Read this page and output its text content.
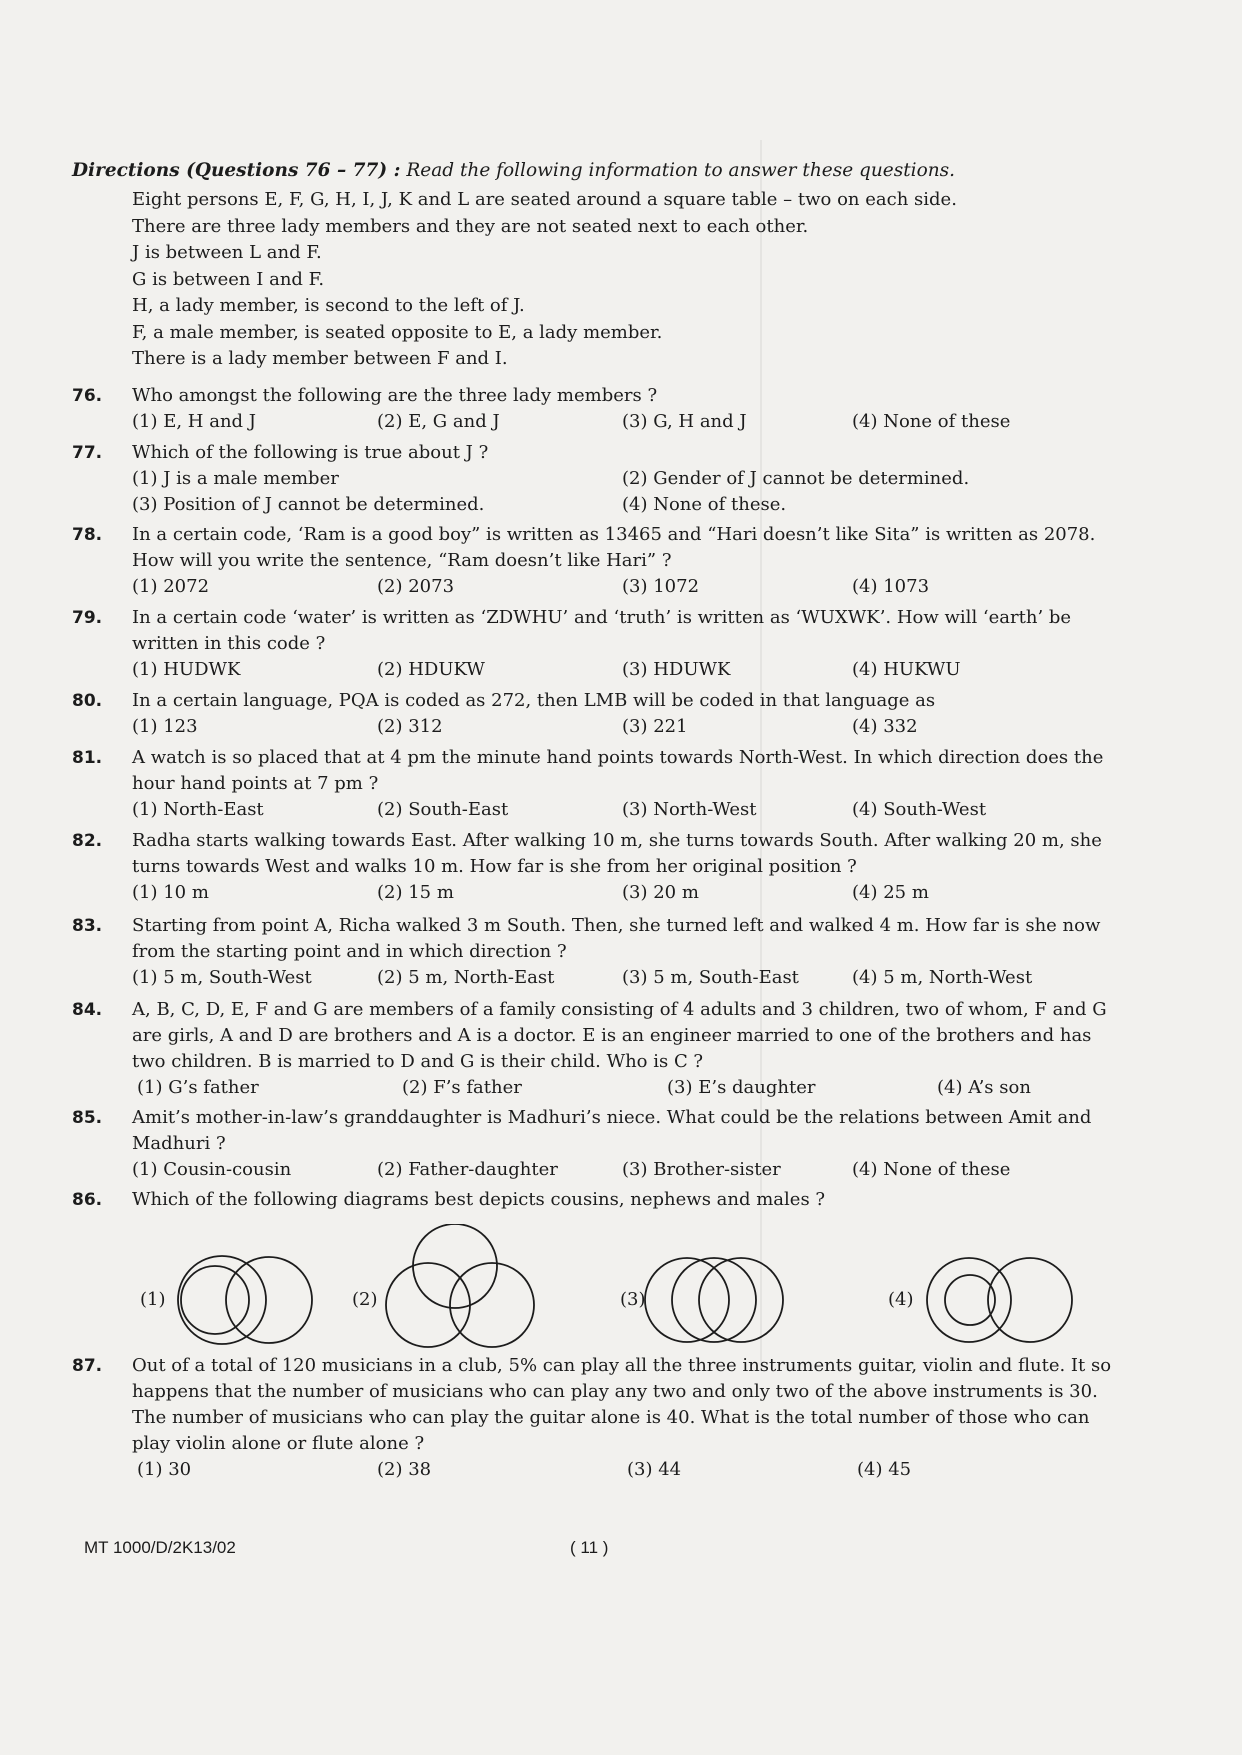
Directions (Questions 76 – 77) : Read the following information to answer these questions.
Eight persons E, F, G, H, I, J, K and L are seated around a square table – two on each side.
There are three lady members and they are not seated next to each other.
J is between L and F.
G is between I and F.
H, a lady member, is second to the left of J.
F, a male member, is seated opposite to E, a lady member.
There is a lady member between F and I.
76. Who amongst the following are the three lady members ?
(1) E, H and J	(2) E, G and J	(3) G, H and J	(4) None of these
77. Which of the following is true about J ?
(1) J is a male member	(2) Gender of J cannot be determined.
(3) Position of J cannot be determined.	(4) None of these.
78. In a certain code, ‘Ram is a good boy” is written as 13465 and “Hari doesn’t like Sita” is written as 2078. How will you write the sentence, “Ram doesn’t like Hari” ?
(1) 2072	(2) 2073	(3) 1072	(4) 1073
79. In a certain code ‘water’ is written as ‘ZDWHU’ and ‘truth’ is written as ‘WUXWK’. How will ‘earth’ be written in this code ?
(1) HUDWK	(2) HDUKW	(3) HDUWK	(4) HUKWU
80. In a certain language, PQA is coded as 272, then LMB will be coded in that language as
(1) 123	(2) 312	(3) 221	(4) 332
81. A watch is so placed that at 4 pm the minute hand points towards North-West. In which direction does the hour hand points at 7 pm ?
(1) North-East	(2) South-East	(3) North-West	(4) South-West
82. Radha starts walking towards East. After walking 10 m, she turns towards South. After walking 20 m, she turns towards West and walks 10 m. How far is she from her original position ?
(1) 10 m	(2) 15 m	(3) 20 m	(4) 25 m
83. Starting from point A, Richa walked 3 m South. Then, she turned left and walked 4 m. How far is she now from the starting point and in which direction ?
(1) 5 m, South-West	(2) 5 m, North-East	(3) 5 m, South-East	(4) 5 m, North-West
84. A, B, C, D, E, F and G are members of a family consisting of 4 adults and 3 children, two of whom, F and G are girls, A and D are brothers and A is a doctor. E is an engineer married to one of the brothers and has two children. B is married to D and G is their child. Who is C ?
(1) G’s father	(2) F’s father	(3) E’s daughter	(4) A’s son
85. Amit’s mother-in-law’s granddaughter is Madhuri’s niece. What could be the relations between Amit and Madhuri ?
(1) Cousin-cousin	(2) Father-daughter	(3) Brother-sister	(4) None of these
86. Which of the following diagrams best depicts cousins, nephews and males ?
(1)	(2)	(3)	(4)
87. Out of a total of 120 musicians in a club, 5% can play all the three instruments guitar, violin and flute. It so happens that the number of musicians who can play any two and only two of the above instruments is 30. The number of musicians who can play the guitar alone is 40. What is the total number of those who can play violin alone or flute alone ?
(1) 30	(2) 38	(3) 44	(4) 45
MT 1000/D/2K13/02	( 11 )
